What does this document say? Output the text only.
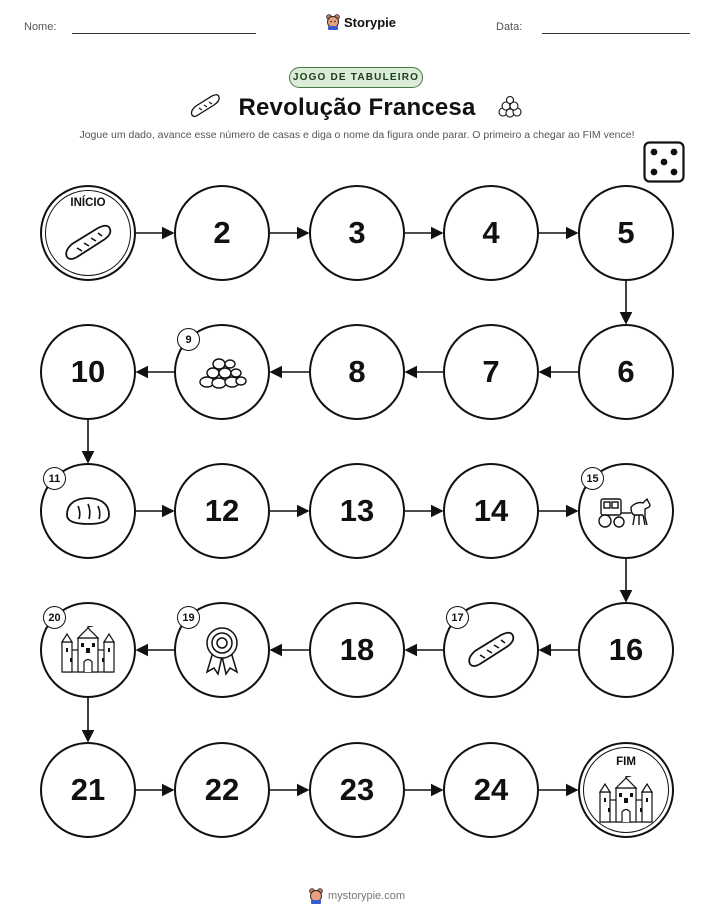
Nome:	Storypie	Data:
JOGO DE TABULEIRO
Revolução Francesa
Jogue um dado, avance esse número de casas e diga o nome da figura onde parar. O primeiro a chegar ao FIM vence!
INÍCIO
2	3	4	5
6
7
8
10
12	13	14
16
18
21	22	23	24
FIM
9
11	15
17
19
20
mystorypie.com
